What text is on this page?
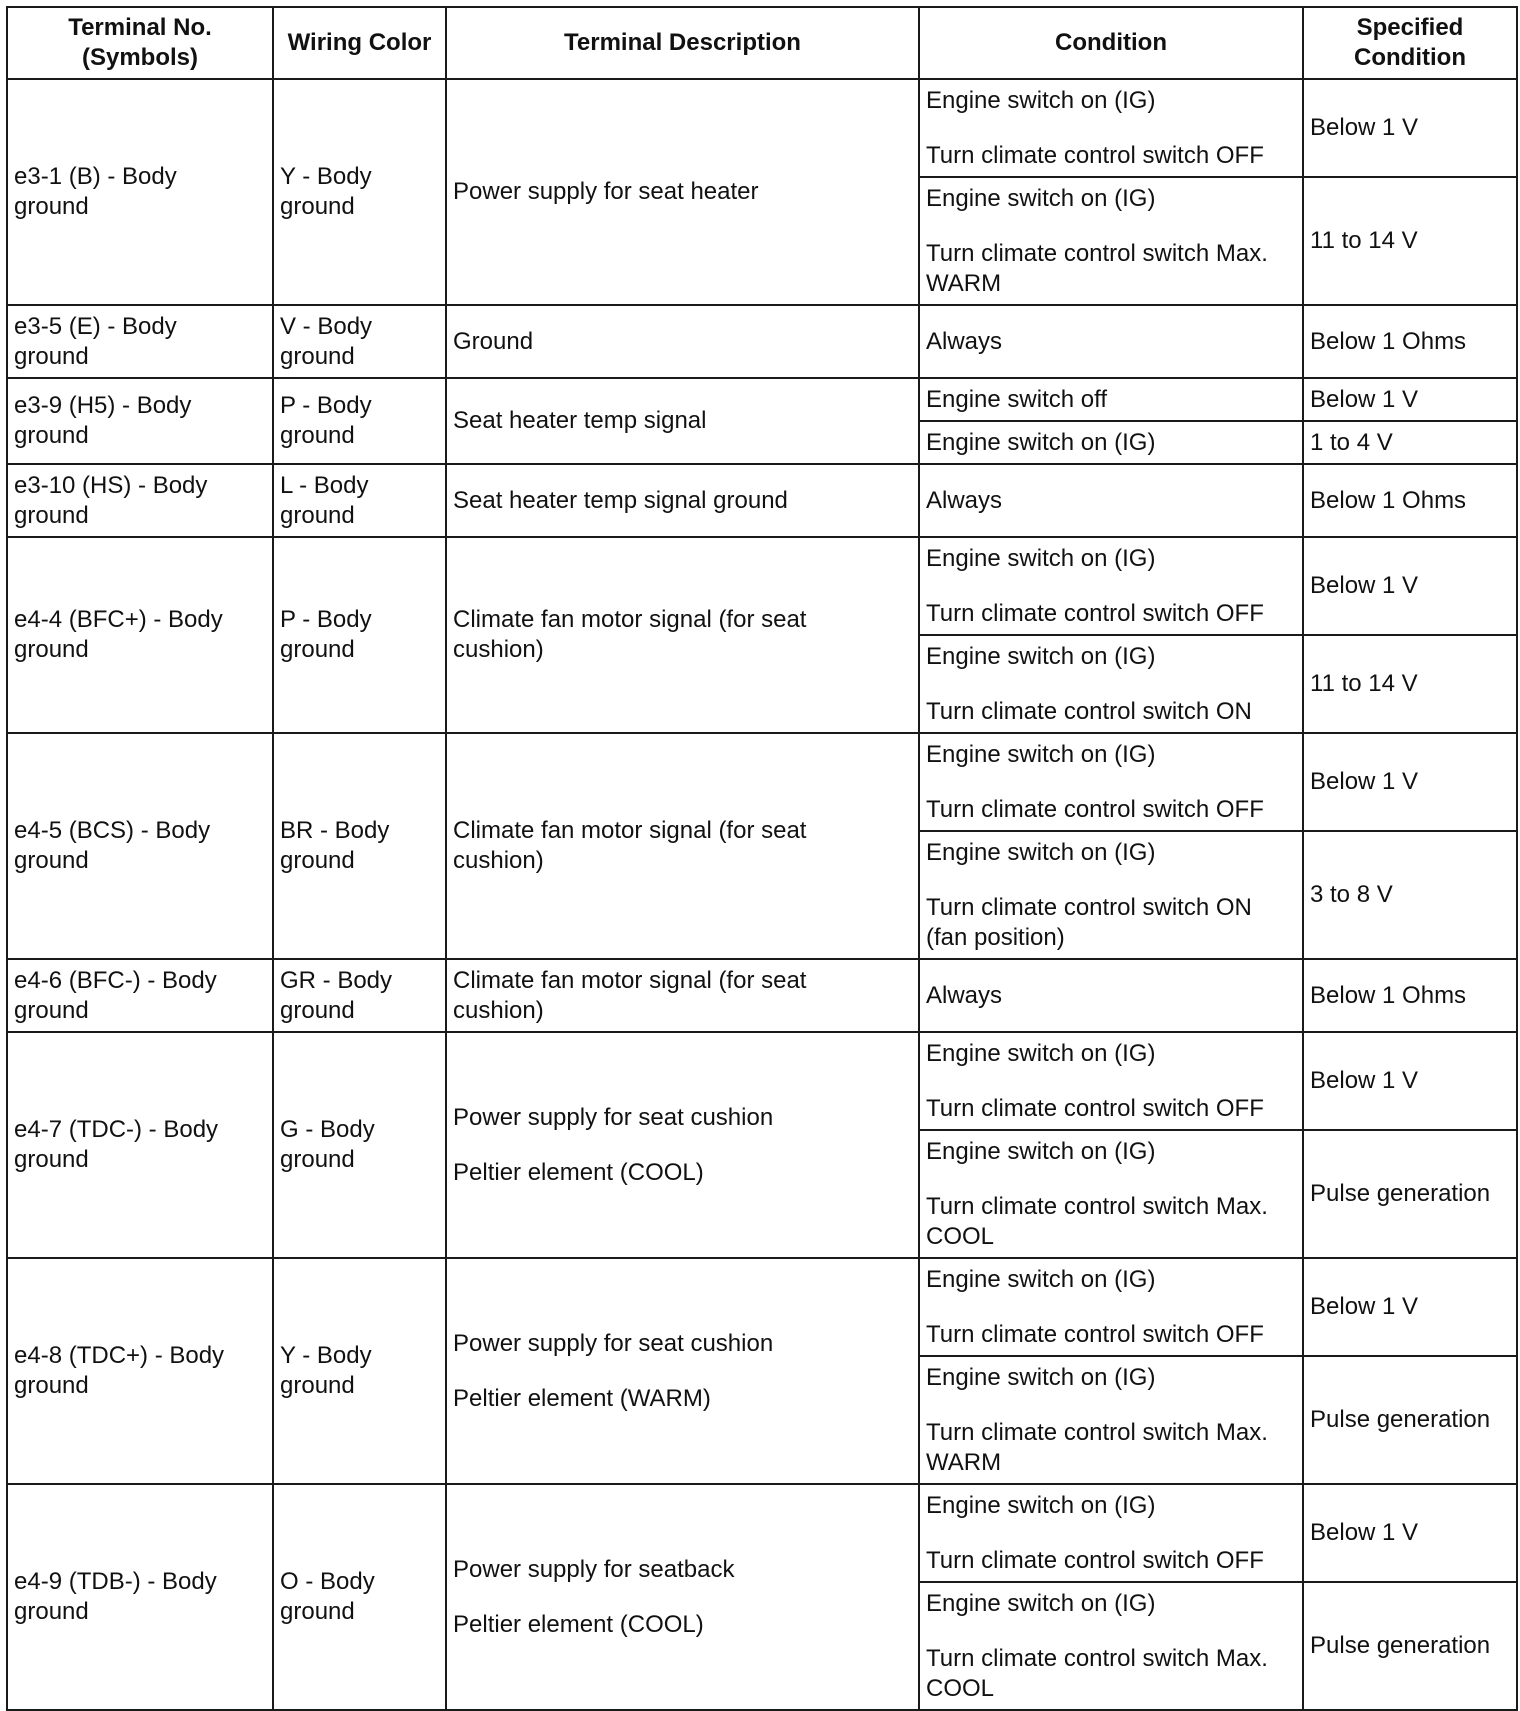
Terminal No.
(Symbols)	Wiring Color	Terminal Description	Condition	Specified
Condition

e3-1 (B) - Body
ground	Y - Body
ground	Power supply for seat heater	Engine switch on (IG)
Turn climate control switch OFF	Below 1 V

			Engine switch on (IG)
Turn climate control switch Max.
WARM	11 to 14 V

e3-5 (E) - Body
ground	V - Body
ground	Ground	Always	Below 1 Ohms

e3-9 (H5) - Body
ground	P - Body
ground	Seat heater temp signal	Engine switch off	Below 1 V

			Engine switch on (IG)	1 to 4 V

e3-10 (HS) - Body
ground	L - Body
ground	Seat heater temp signal ground	Always	Below 1 Ohms

e4-4 (BFC+) - Body
ground	P - Body
ground	Climate fan motor signal (for seat
cushion)	Engine switch on (IG)
Turn climate control switch OFF	Below 1 V

			Engine switch on (IG)
Turn climate control switch ON	11 to 14 V

e4-5 (BCS) - Body
ground	BR - Body
ground	Climate fan motor signal (for seat
cushion)	Engine switch on (IG)
Turn climate control switch OFF	Below 1 V

			Engine switch on (IG)
Turn climate control switch ON
(fan position)	3 to 8 V

e4-6 (BFC-) - Body
ground	GR - Body
ground	Climate fan motor signal (for seat
cushion)	Always	Below 1 Ohms

e4-7 (TDC-) - Body
ground	G - Body
ground	Power supply for seat cushion
Peltier element (COOL)	Engine switch on (IG)
Turn climate control switch OFF	Below 1 V

			Engine switch on (IG)
Turn climate control switch Max.
COOL	Pulse generation

e4-8 (TDC+) - Body
ground	Y - Body
ground	Power supply for seat cushion
Peltier element (WARM)	Engine switch on (IG)
Turn climate control switch OFF	Below 1 V

			Engine switch on (IG)
Turn climate control switch Max.
WARM	Pulse generation

e4-9 (TDB-) - Body
ground	O - Body
ground	Power supply for seatback
Peltier element (COOL)	Engine switch on (IG)
Turn climate control switch OFF	Below 1 V

			Engine switch on (IG)
Turn climate control switch Max.
COOL	Pulse generation
